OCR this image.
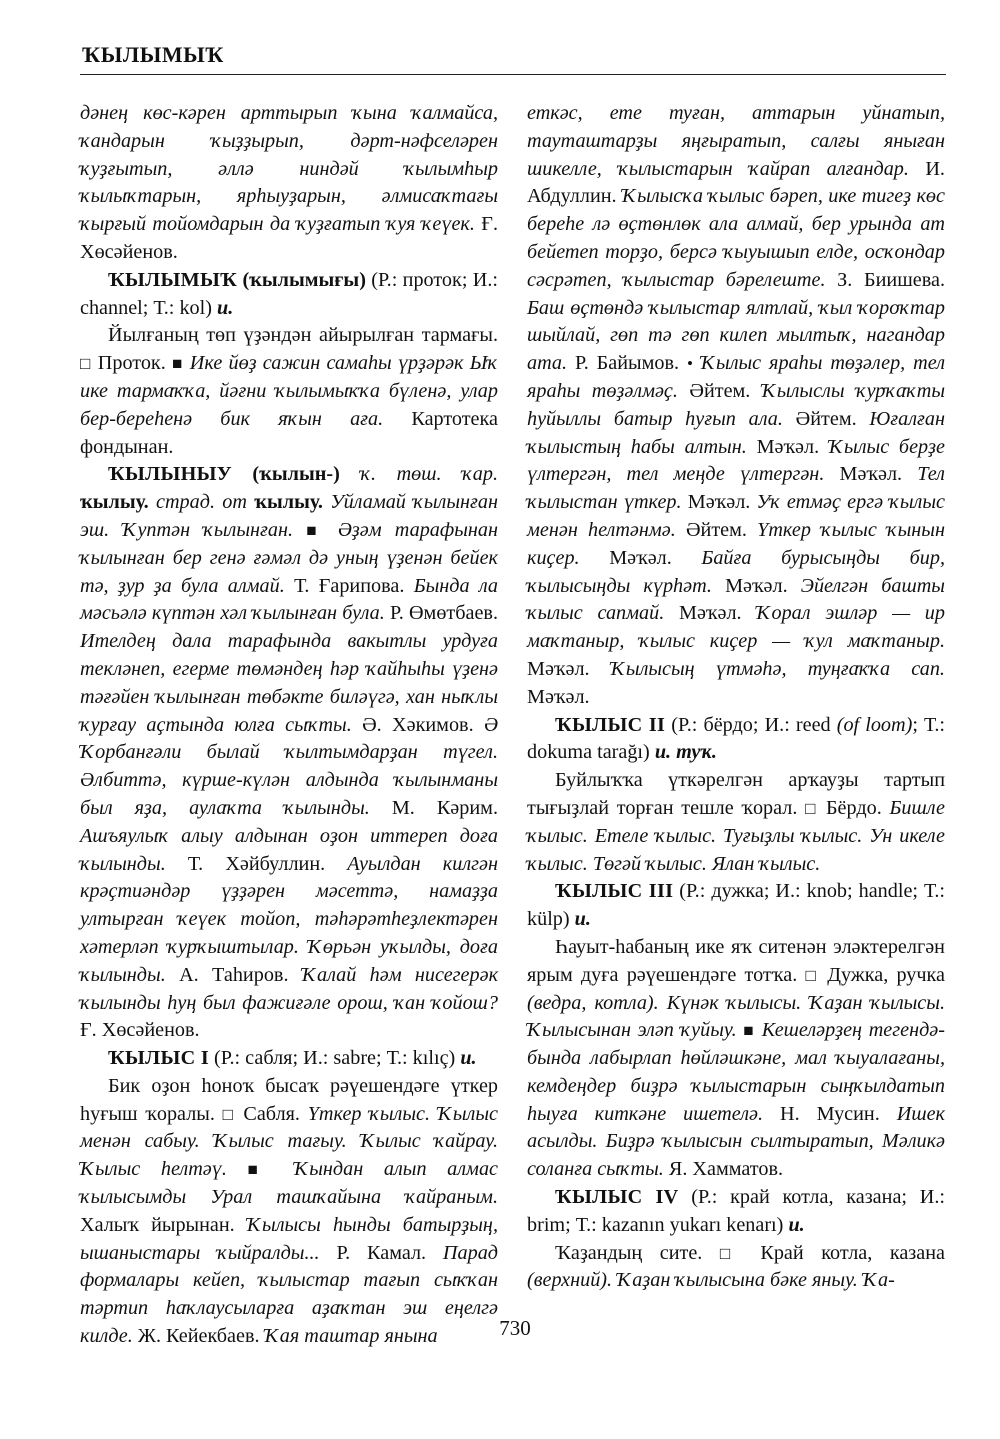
ҠЫЛЫМЫҠ

дәнең көс-кәрен арттырып ҡына ҡалмайса, ҡандарын ҡыҙҙырып, дәрт-нәфселәрен ҡуҙғытып, әллә ниндәй ҡылымһыр ҡылыҡтарын, ярһыуҙарын, әлмисаҡтағы ҡырғый тойомдарын да ҡуҙғатып ҡуя ҡеүек. Ғ. Хөсәйенов.

ҠЫЛЫМЫҠ (ҡылымығы) (Р.: проток; И.: channel; Т.: kol) и.

Йылғаның төп үҙәндән айырылған тармағы. □ Проток. ■ Ике йөҙ сажин самаһы үрҙәрәк Ыҡ ике тармаҡҡа, йәғни ҡылымыҡҡа бүленә, улар бер-береһенә бик яҡын аға. Картотека фондынан.

ҠЫЛЫНЫУ (ҡылын-) ҡ. төш. ҡар. ҡылыу. страд. от ҡылыу. Уйламай ҡылынған эш. Ҡуптән ҡылынған. ■ Әҙәм тарафынан ҡылынған бер генә ғәмәл дә уның үҙенән бейек тә, ҙур ҙа була алмай. Т. Ғарипова. Бында ла мәсьәлә күптән хәл ҡылынған була. Р. Өмөтбаев. Ителдең дала тарафында вакытлы урдуға текләнеп, егерме төмәндең һәр ҡайһыһы үҙенә тәғәйен ҡылынған төбәкте биләүгә, хан ныҡлы ҡурғау аҫтында юлға сыҡты. Ә. Хәкимов. Ә Ҡорбанғәли былай ҡылтымдарҙан түгел. Әлбиттә, күрше-күлән алдында ҡылынманы был яҙа, аулаҡта ҡылынды. М. Кәрим. Ашъяулыҡ алыу алдынан оҙон иттереп доға ҡылынды. Т. Хәйбуллин. Ауылдан килгән крәҫтиәндәр үҙҙәрен мәсеттә, намаҙҙа ултырған ҡеүек тойоп, тәһәрәтһеҙлектәрен хәтерләп ҡурҡыштылар. Ҡөрьән уҡылды, доға ҡылынды. А. Таһиров. Ҡалай һәм нисегерәк ҡылынды һуң был фажиғәле орош, ҡан ҡойош? Ғ. Хөсәйенов.

ҠЫЛЫС I (Р.: сабля; И.: sabre; Т.: kılıç) и.

Бик оҙон һоноҡ бысаҡ рәүешендәге үткер һуғыш ҡоралы. □ Сабля. Үткер ҡылыс. Ҡылыс менән сабыу. Ҡылыс тағыу. Ҡылыс ҡайрау. Ҡылыс һелтәү. ■ Ҡындан алып алмас ҡылысымды Урал ташҡайына ҡайраным. Халыҡ йырынан. Ҡылысы һынды батырҙың, ышаныстары ҡыйралды... Р. Камал. Парад формалары кейеп, ҡылыстар тағып сыҡҡан тәртип һаҡлаусыларға аҙаҡтан эш еңелгә килде. Ж. Кейекбаев. Ҡая таштар янына

еткәс, ете туған, аттарын уйнатып, тауташтарҙы яңғыратып, салғы яныған шикелле, ҡылыстарын ҡайрап алғандар. И. Абдуллин. Ҡылысҡа ҡылыс бәреп, ике тигеҙ көс береһе лә өҫтөнлөк ала алмай, бер урында ат бейетеп торҙо, берсә ҡыуышып елде, осҡондар сәсрәтеп, ҡылыстар бәрелеште. З. Биишева. Баш өҫтөндә ҡылыстар ялтлай, ҡыл ҡороҡтар шыйлай, гөп тә гөп килеп мылтыҡ, нагандар ата. Р. Байымов. • Ҡылыс яраһы төҙәлер, тел яраһы төҙәлмәҫ. Әйтем. Ҡылыслы ҡурҡаҡты һуйыллы батыр һуғып ала. Әйтем. Юғалған ҡылыстың һабы алтын. Мәҡәл. Ҡылыс берҙе үлтергән, тел меңде үлтергән. Мәҡәл. Тел ҡылыстан үткер. Мәҡәл. Уҡ етмәҫ ергә ҡылыс менән һелтәнмә. Әйтем. Үткер ҡылыс ҡынын киҫер. Мәҡәл. Байға бурысыңды бир, ҡылысыңды күрһәт. Мәҡәл. Эйелгән башты ҡылыс сапмай. Мәҡәл. Ҡорал эшләр — ир маҡтаныр, ҡылыс киҫер — ҡул маҡтаныр. Мәҡәл. Ҡылысың үтмәһә, туңғаҡҡа сап. Мәҡәл.

ҠЫЛЫС II (Р.: бёрдо; И.: reed (of loom); Т.: dokuma tarağı) и. туҡ.

Буйлыҡҡа үткәрелгән арҡауҙы тартып тығыҙлай торған тешле ҡорал. □ Бёрдо. Бишле ҡылыс. Етеле ҡылыс. Туғыҙлы ҡылыс. Ун икеле ҡылыс. Төгәй ҡылыс. Ялан ҡылыс.

ҠЫЛЫС III (Р.: дужка; И.: knob; handle; Т.: külp) и.

Һауыт-һабаның ике яҡ ситенән эләктерелгән ярым дуға рәүешендәге тотҡа. □ Дужка, ручка (ведра, котла). Күнәк ҡылысы. Ҡаҙан ҡылысы. Ҡылысынан эләп ҡуйыу. ■ Кешеләрҙең тегендә-бында лабырлап һөйләшкәне, мал ҡыуалағаны, кемдеңдер биҙрә ҡылыстарын сыңҡылдатып һыуға киткәне ишетелә. Н. Мусин. Ишек асылды. Биҙрә ҡылысын сылтыратып, Мәликә соланға сыҡты. Я. Хамматов.

ҠЫЛЫС IV (Р.: край котла, казана; И.: brim; Т.: kazanın yukarı kenarı) и.

Ҡаҙандың ситe. □ Край котла, казана (верхний). Ҡаҙан ҡылысына бәке яныу. Ҡа-

730
